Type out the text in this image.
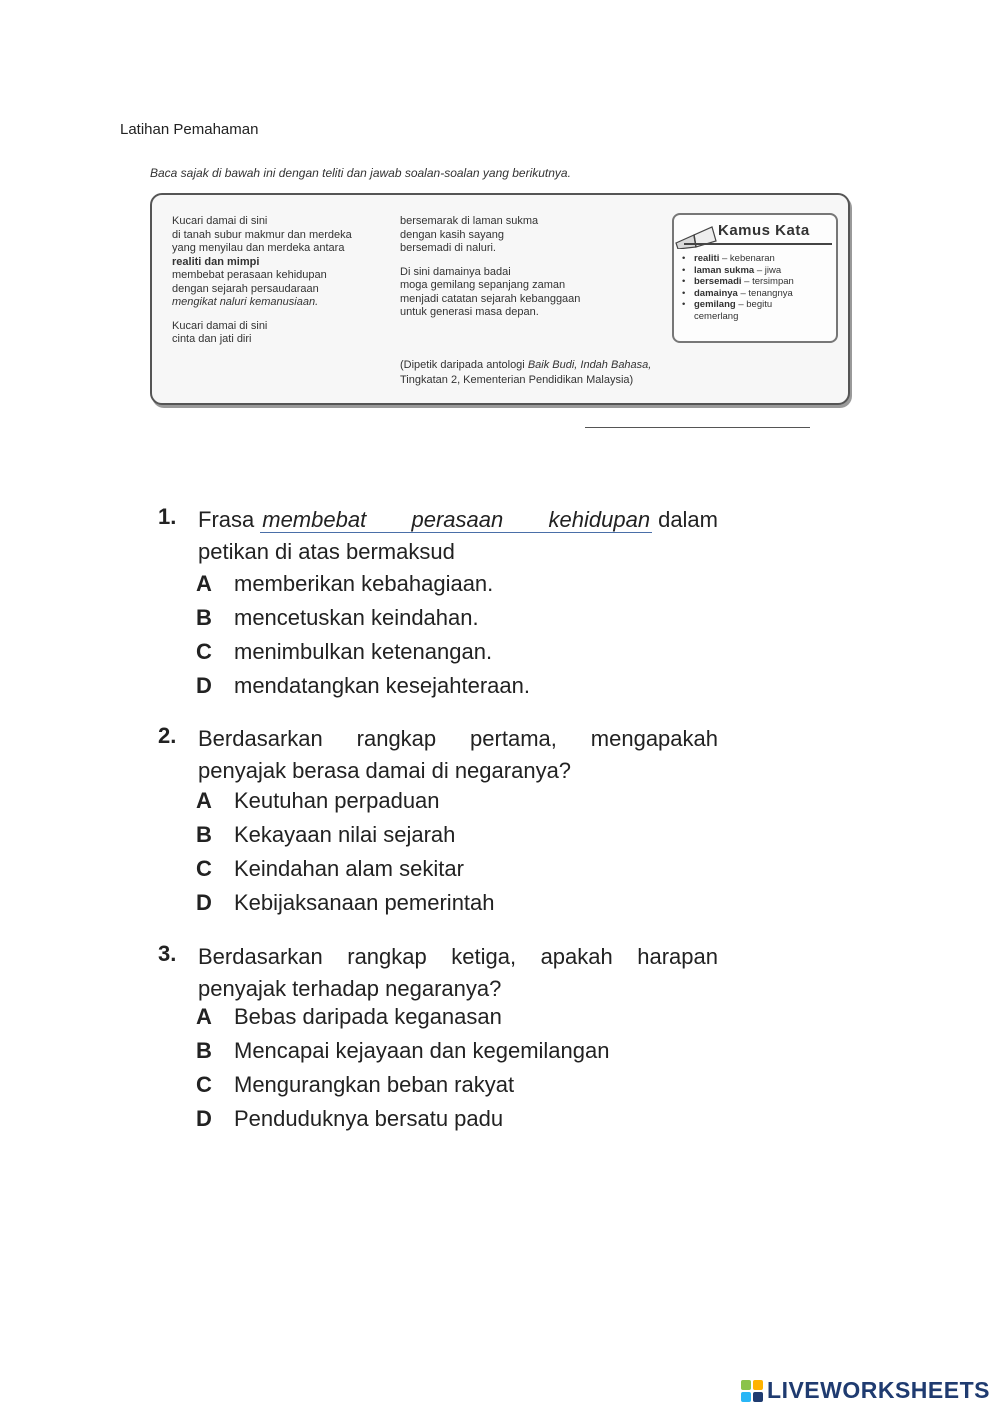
Latihan Pemahaman
Baca sajak di bawah ini dengan teliti dan jawab soalan-soalan yang berikutnya.

Kucari damai di sini

di tanah subur makmur dan merdeka

yang menyilau dan merdeka antara

realiti dan mimpi

membebat perasaan kehidupan

dengan sejarah persaudaraan

mengikat naluri kemanusiaan.

Kucari damai di sini

cinta dan jati diri

bersemarak di laman sukma

dengan kasih sayang

bersemadi di naluri.

Di sini damainya badai

moga gemilang sepanjang zaman

menjadi catatan sejarah kebanggaan

untuk generasi masa depan.

(Dipetik daripada antologi Baik Budi, Indah Bahasa,
Tingkatan 2, Kementerian Pendidikan Malaysia)
Kamus Kata
• realiti – kebenaran
• laman sukma – jiwa
• bersemadi – tersimpan
• damainya – tenangnya
• gemilang – begitu
cemerlang
1. Frasa membebat perasaan kehidupan dalam
petikan di atas bermaksud
A memberikan kebahagiaan.
B mencetuskan keindahan.
C menimbulkan ketenangan.
D mendatangkan kesejahteraan.
2. Berdasarkan rangkap pertama, mengapakah
penyajak berasa damai di negaranya?
A Keutuhan perpaduan
B Kekayaan nilai sejarah
C Keindahan alam sekitar
D Kebijaksanaan pemerintah
3. Berdasarkan rangkap ketiga, apakah harapan
penyajak terhadap negaranya?
A Bebas daripada keganasan
B Mencapai kejayaan dan kegemilangan
C Mengurangkan beban rakyat
D Penduduknya bersatu padu
LIVEWORKSHEETS
